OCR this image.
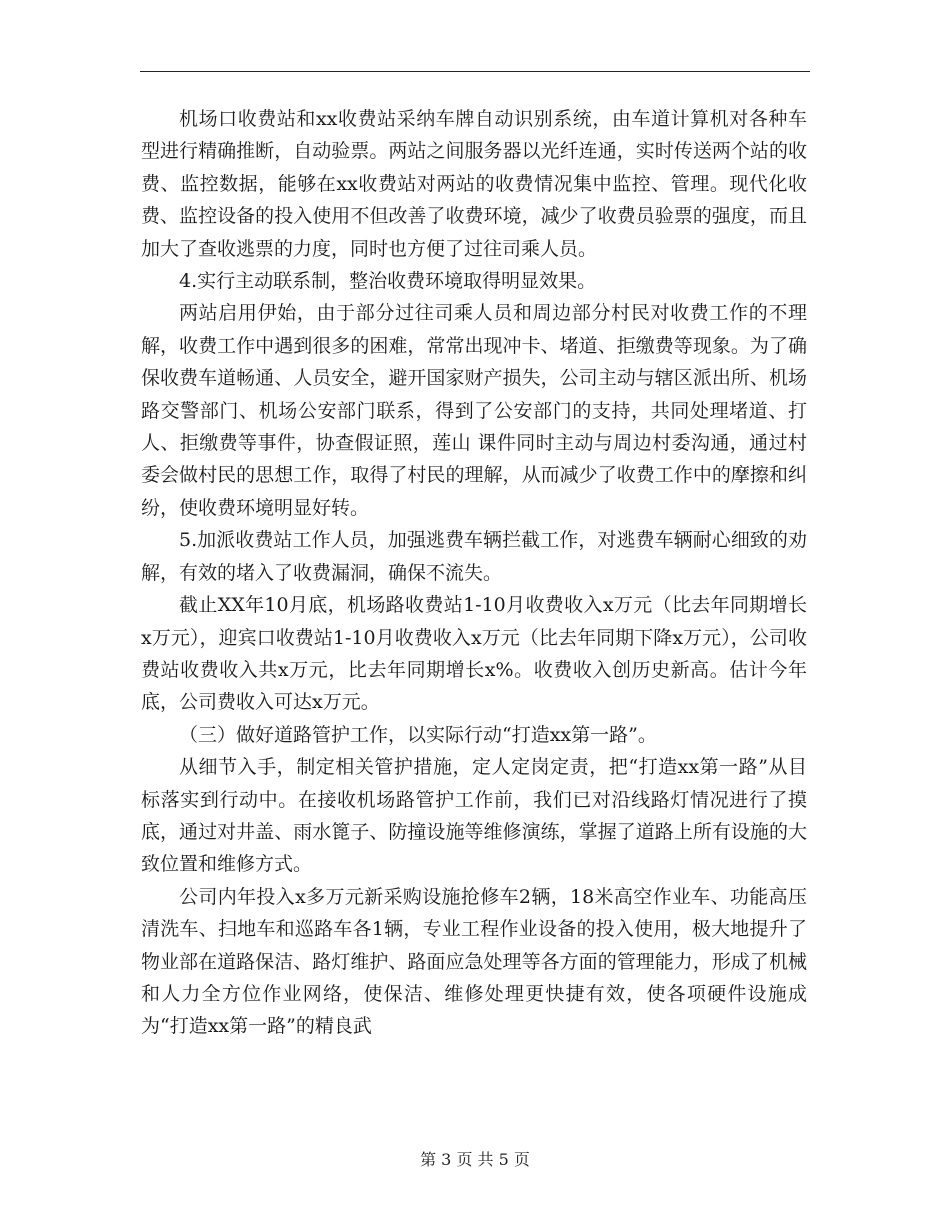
机场口收费站和xx收费站采纳车牌自动识别系统，由车道计算机对各种车型进行精确推断，自动验票。两站之间服务器以光纤连通，实时传送两个站的收费、监控数据，能够在xx收费站对两站的收费情况集中监控、管理。现代化收费、监控设备的投入使用不但改善了收费环境，减少了收费员验票的强度，而且加大了查收逃票的力度，同时也方便了过往司乘人员。

4.实行主动联系制，整治收费环境取得明显效果。

两站启用伊始，由于部分过往司乘人员和周边部分村民对收费工作的不理解，收费工作中遇到很多的困难，常常出现冲卡、堵道、拒缴费等现象。为了确保收费车道畅通、人员安全，避开国家财产损失，公司主动与辖区派出所、机场路交警部门、机场公安部门联系，得到了公安部门的支持，共同处理堵道、打人、拒缴费等事件，协查假证照，莲山 课件同时主动与周边村委沟通，通过村委会做村民的思想工作，取得了村民的理解，从而减少了收费工作中的摩擦和纠纷，使收费环境明显好转。

5.加派收费站工作人员，加强逃费车辆拦截工作，对逃费车辆耐心细致的劝解，有效的堵入了收费漏洞，确保不流失。

截止XX年10月底，机场路收费站1-10月收费收入x万元（比去年同期增长x万元），迎宾口收费站1-10月收费收入x万元（比去年同期下降x万元），公司收费站收费收入共x万元，比去年同期增长x%。收费收入创历史新高。估计今年底，公司费收入可达x万元。

（三）做好道路管护工作，以实际行动“打造xx第一路”。

从细节入手，制定相关管护措施，定人定岗定责，把“打造xx第一路”从目标落实到行动中。在接收机场路管护工作前，我们已对沿线路灯情况进行了摸底，通过对井盖、雨水篦子、防撞设施等维修演练，掌握了道路上所有设施的大致位置和维修方式。

公司内年投入x多万元新采购设施抢修车2辆，18米高空作业车、功能高压清洗车、扫地车和巡路车各1辆，专业工程作业设备的投入使用，极大地提升了物业部在道路保洁、路灯维护、路面应急处理等各方面的管理能力，形成了机械和人力全方位作业网络，使保洁、维修处理更快捷有效，使各项硬件设施成为“打造xx第一路”的精良武

第 3 页 共 5 页
